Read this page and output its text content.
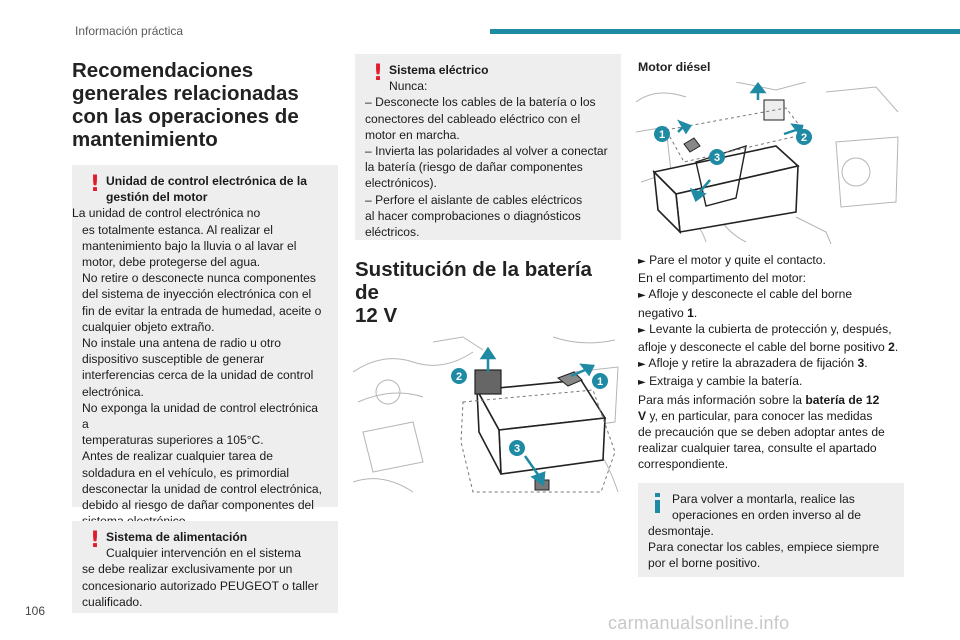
Información práctica
Recomendaciones
generales relacionadas
con las operaciones de
mantenimiento
! Unidad de control electrónica de la
gestión del motor
La unidad de control electrónica no
es totalmente estanca. Al realizar el
mantenimiento bajo la lluvia o al lavar el
motor, debe protegerse del agua.
No retire o desconecte nunca componentes
del sistema de inyección electrónica con el
fin de evitar la entrada de humedad, aceite o
cualquier objeto extraño.
No instale una antena de radio u otro
dispositivo susceptible de generar
interferencias cerca de la unidad de control
electrónica.
No exponga la unidad de control electrónica a
temperaturas superiores a 105°C.
Antes de realizar cualquier tarea de
soldadura en el vehículo, es primordial
desconectar la unidad de control electrónica,
debido al riesgo de dañar componentes del
! Sistema de alimentación
Cualquier intervención en el sistema
se debe realizar exclusivamente por un
concesionario autorizado PEUGEOT o taller
cualificado.
! Sistema eléctrico
Nunca:
– Desconecte los cables de la batería o los
conectores del cableado eléctrico con el
motor en marcha.
– Invierta las polaridades al volver a conectar
la batería (riesgo de dañar componentes
electrónicos).
– Perfore el aislante de cables eléctricos
al hacer comprobaciones o diagnósticos
eléctricos.
Sustitución de la batería de
12 V
1
2
3
Motor diésel
1	2
3
► Pare el motor y quite el contacto.
En el compartimento del motor:
► Afloje y desconecte el cable del borne
negativo 1.
► Levante la cubierta de protección y, después,
afloje y desconecte el cable del borne positivo 2.
► Afloje y retire la abrazadera de fijación 3.
► Extraiga y cambie la batería.
Para más información sobre la batería de 12
V y, en particular, para conocer las medidas
de precaución que se deben adoptar antes de
realizar cualquier tarea, consulte el apartado
correspondiente.
Para volver a montarla, realice las
operaciones en orden inverso al de
desmontaje.
Para conectar los cables, empiece siempre
por el borne positivo.
106
carmanualsonline.info
